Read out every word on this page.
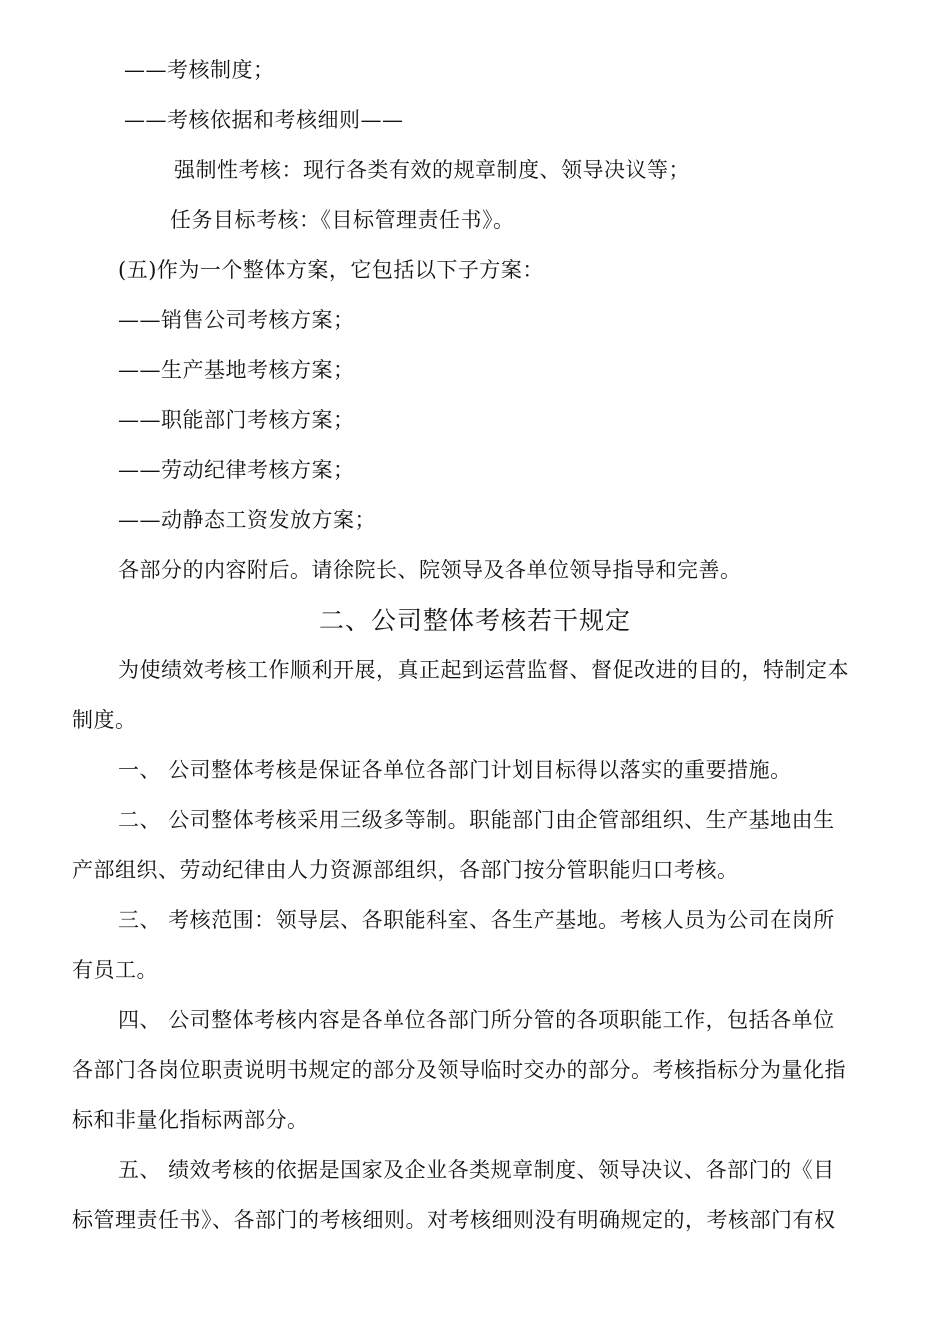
——考核制度；
——考核依据和考核细则——
强制性考核：现行各类有效的规章制度、领导决议等；
任务目标考核：《目标管理责任书》。
(五)作为一个整体方案，它包括以下子方案：
——销售公司考核方案；
——生产基地考核方案；
——职能部门考核方案；
——劳动纪律考核方案；
——动静态工资发放方案；
各部分的内容附后。请徐院长、院领导及各单位领导指导和完善。
二、公司整体考核若干规定
为使绩效考核工作顺利开展，真正起到运营监督、督促改进的目的，特制定本
制度。
一、 公司整体考核是保证各单位各部门计划目标得以落实的重要措施。
二、 公司整体考核采用三级多等制。职能部门由企管部组织、生产基地由生
产部组织、劳动纪律由人力资源部组织，各部门按分管职能归口考核。
三、 考核范围：领导层、各职能科室、各生产基地。考核人员为公司在岗所
有员工。
四、 公司整体考核内容是各单位各部门所分管的各项职能工作，包括各单位
各部门各岗位职责说明书规定的部分及领导临时交办的部分。考核指标分为量化指
标和非量化指标两部分。
五、 绩效考核的依据是国家及企业各类规章制度、领导决议、各部门的《目
标管理责任书》、各部门的考核细则。对考核细则没有明确规定的，考核部门有权
